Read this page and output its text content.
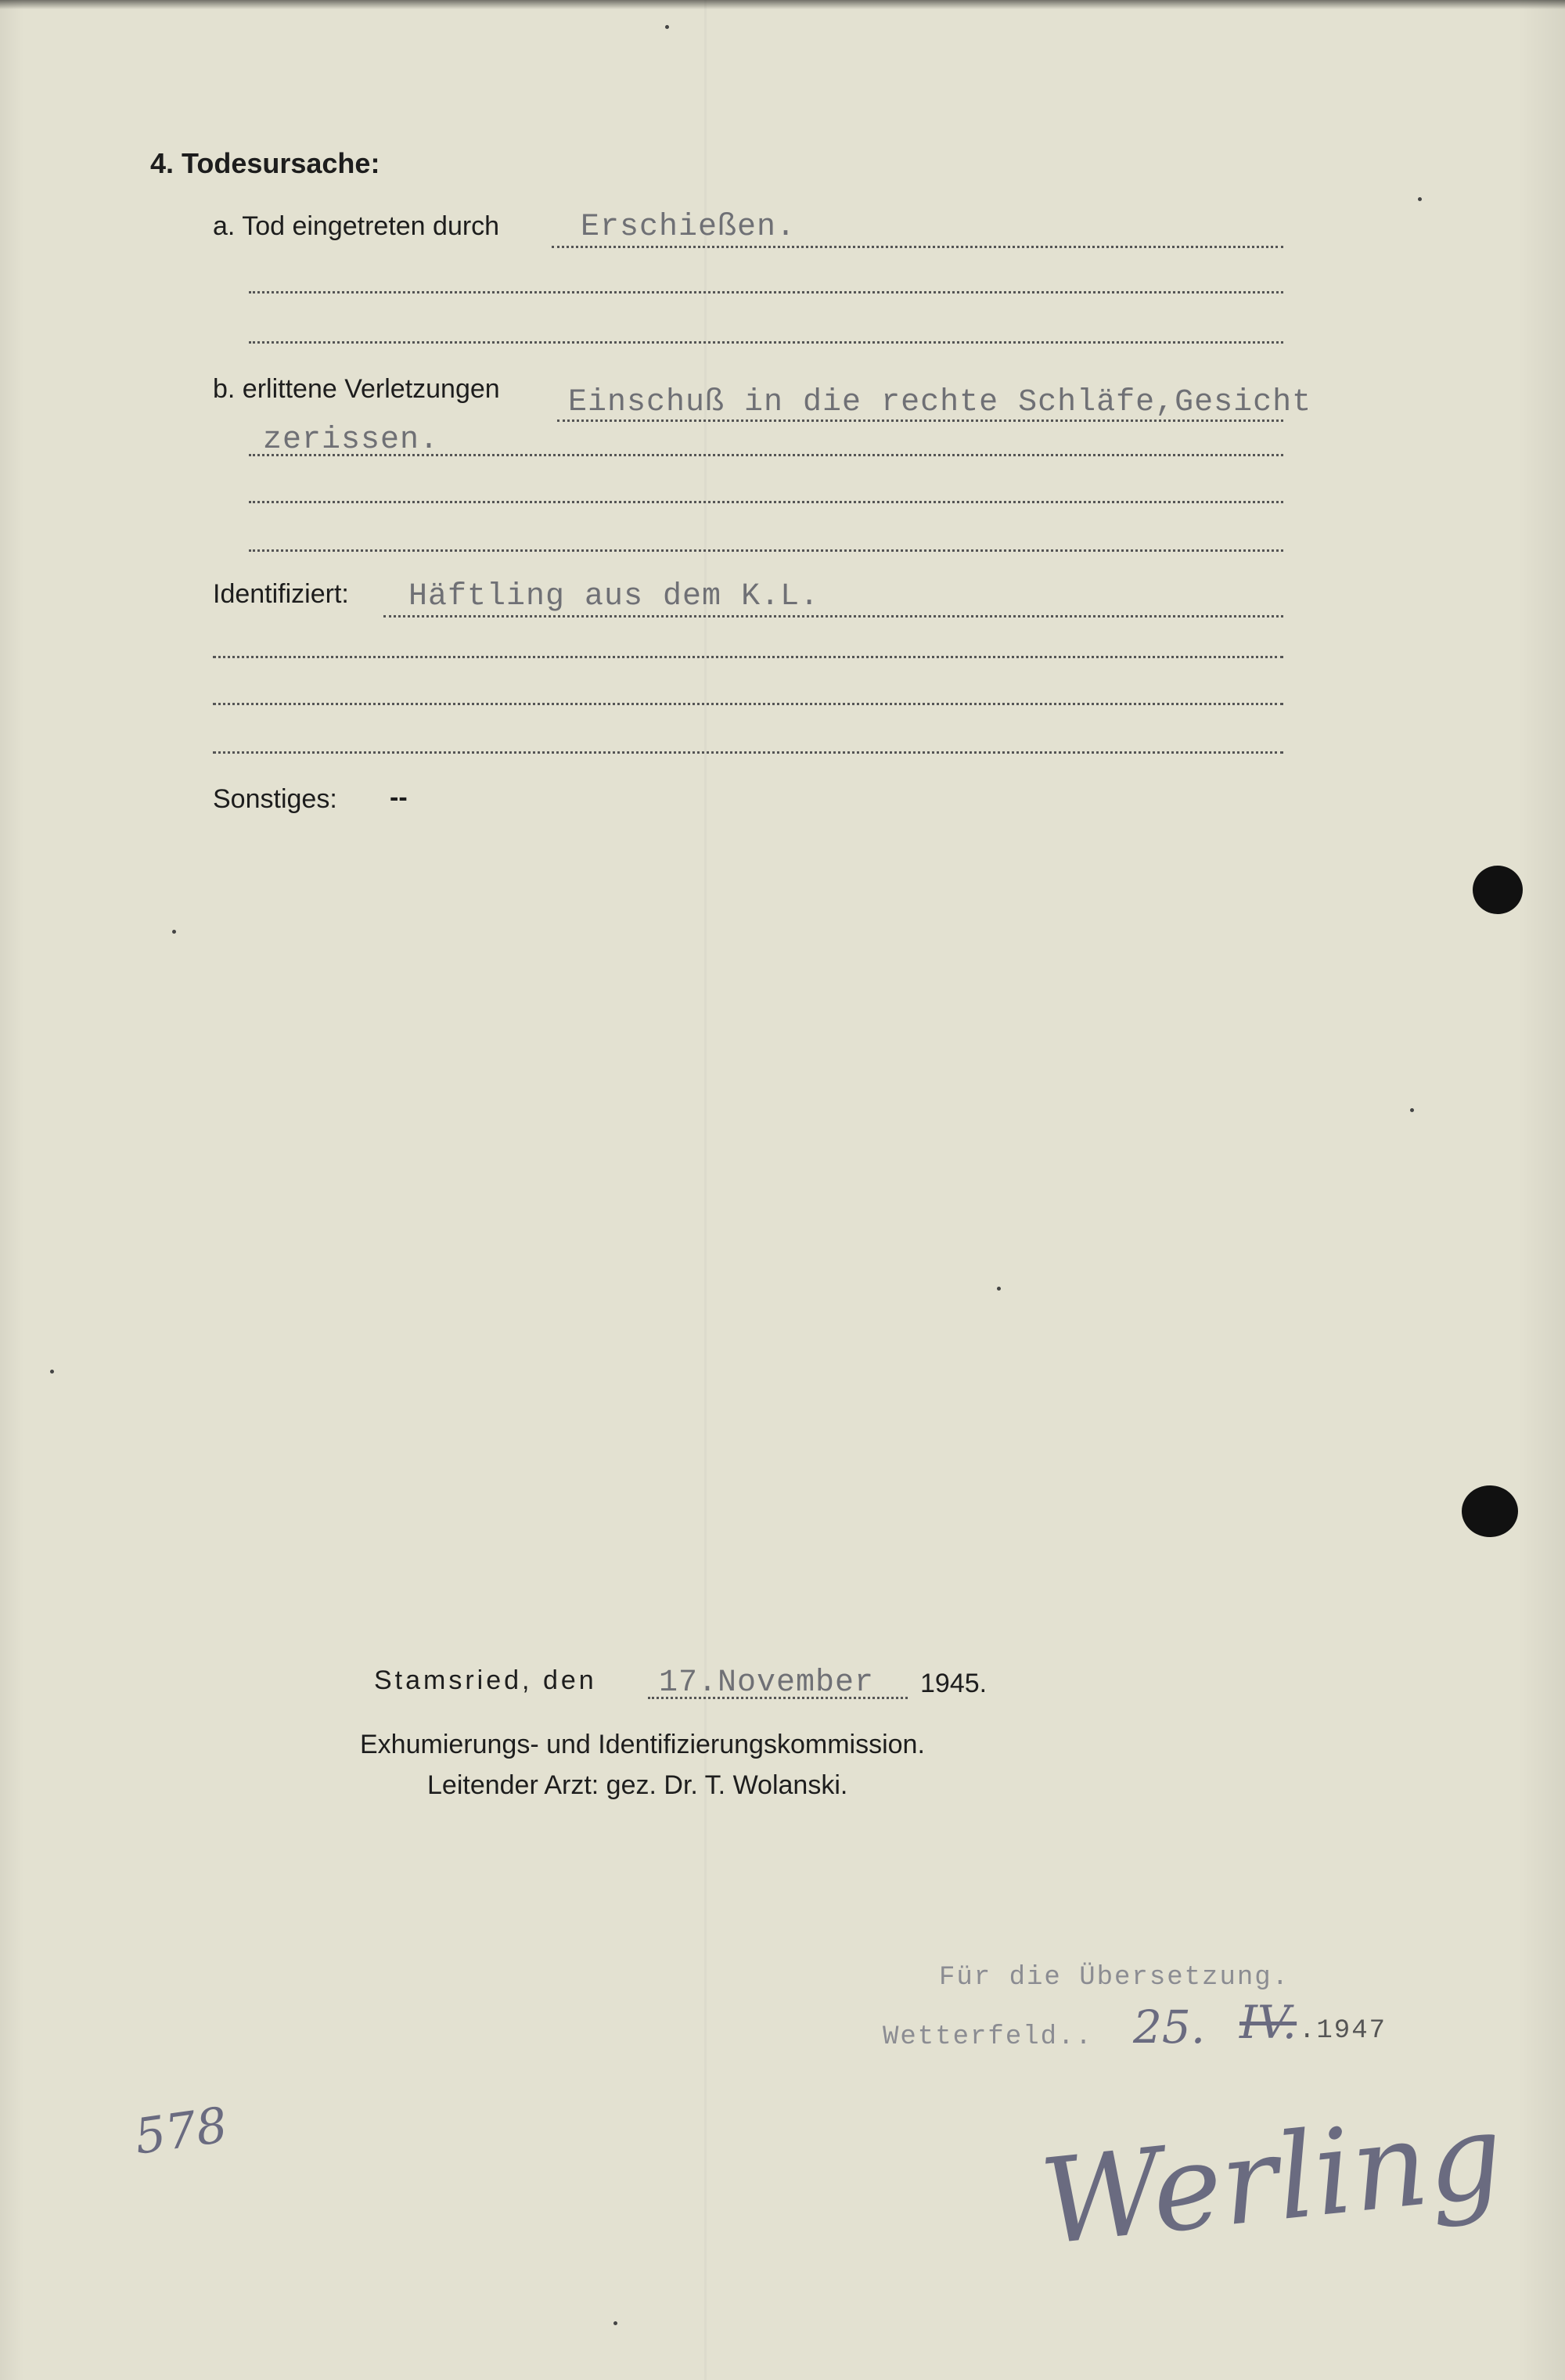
4. Todesursache:
a. Tod eingetreten durch	Erschießen.
b. erlittene Verletzungen Einschuß in die rechte Schläfe,Gesicht
zerissen.
Identifiziert: Häftling aus dem K.L.
Sonstiges: --
Stamsried, den 17.November 1945.
Exhumierungs- und Identifizierungskommission.
Leitender Arzt: gez. Dr. T. Wolanski.
Für die Übersetzung.
Wetterfeld.. 25. IV. .1947
578	Werling
